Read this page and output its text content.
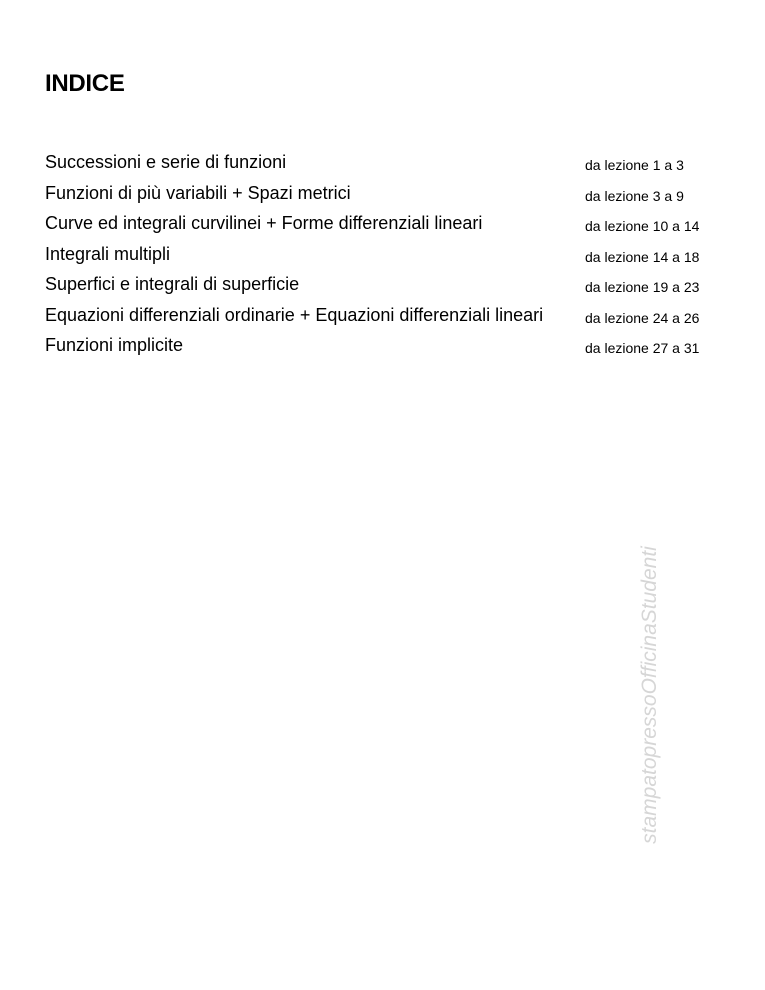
INDICE
Successioni e serie di funzioni	da lezione 1 a 3
Funzioni di più variabili + Spazi metrici	da lezione 3 a 9
Curve ed integrali curvilinei + Forme differenziali lineari	da lezione 10 a 14
Integrali multipli	da lezione 14 a 18
Superfici e integrali di superficie	da lezione 19 a 23
Equazioni differenziali ordinarie + Equazioni differenziali lineari	da lezione 24 a 26
Funzioni implicite	da lezione 27 a 31
stampatopressoOfficinaStudenti
